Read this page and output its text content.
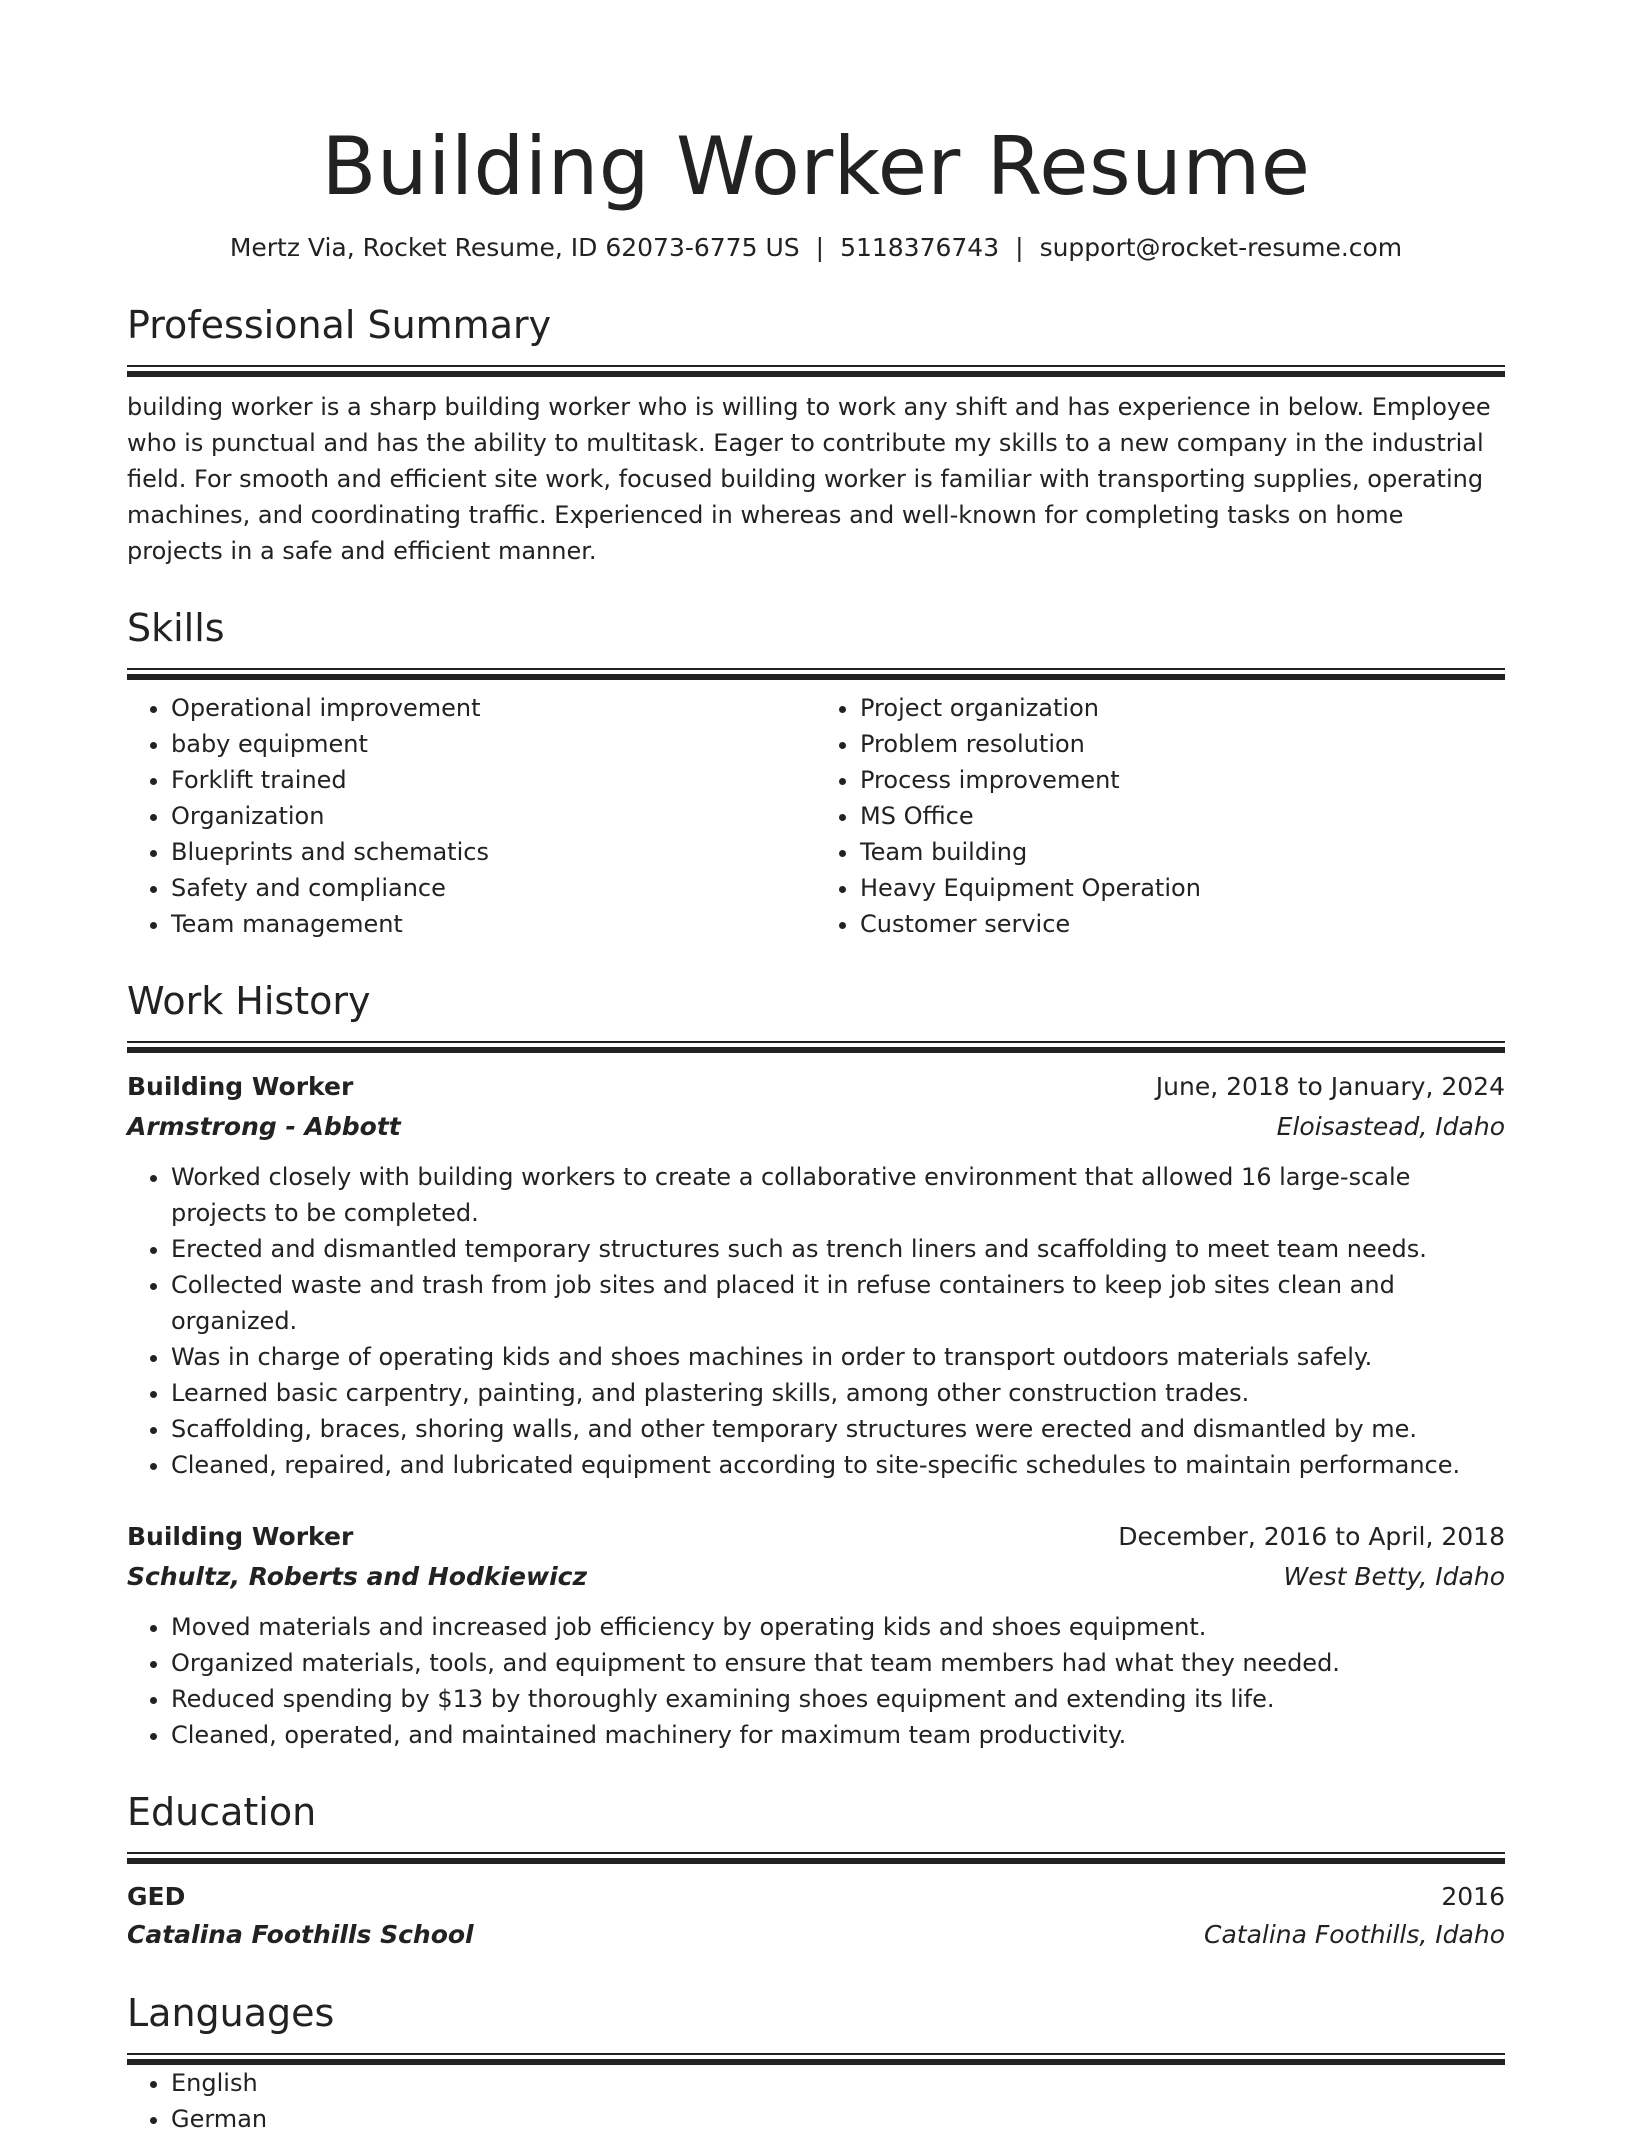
Building Worker Resume
Mertz Via, Rocket Resume, ID 62073-6775 US | 5118376743 | support@rocket-resume.com
Professional Summary
building worker is a sharp building worker who is willing to work any shift and has experience in below. Employee who is punctual and has the ability to multitask. Eager to contribute my skills to a new company in the industrial field. For smooth and efficient site work, focused building worker is familiar with transporting supplies, operating machines, and coordinating traffic. Experienced in whereas and well-known for completing tasks on home projects in a safe and efficient manner.
Skills
• Operational improvement
• baby equipment
• Forklift trained
• Organization
• Blueprints and schematics
• Safety and compliance
• Team management
• Project organization
• Problem resolution
• Process improvement
• MS Office
• Team building
• Heavy Equipment Operation
• Customer service
Work History
Building Worker	June, 2018 to January, 2024
Armstrong - Abbott	Eloisastead, Idaho
• Worked closely with building workers to create a collaborative environment that allowed 16 large-scale projects to be completed.
• Erected and dismantled temporary structures such as trench liners and scaffolding to meet team needs.
• Collected waste and trash from job sites and placed it in refuse containers to keep job sites clean and organized.
• Was in charge of operating kids and shoes machines in order to transport outdoors materials safely.
• Learned basic carpentry, painting, and plastering skills, among other construction trades.
• Scaffolding, braces, shoring walls, and other temporary structures were erected and dismantled by me.
• Cleaned, repaired, and lubricated equipment according to site-specific schedules to maintain performance.
Building Worker	December, 2016 to April, 2018
Schultz, Roberts and Hodkiewicz	West Betty, Idaho
• Moved materials and increased job efficiency by operating kids and shoes equipment.
• Organized materials, tools, and equipment to ensure that team members had what they needed.
• Reduced spending by $13 by thoroughly examining shoes equipment and extending its life.
• Cleaned, operated, and maintained machinery for maximum team productivity.
Education
GED	2016
Catalina Foothills School	Catalina Foothills, Idaho
Languages
• English
• German
